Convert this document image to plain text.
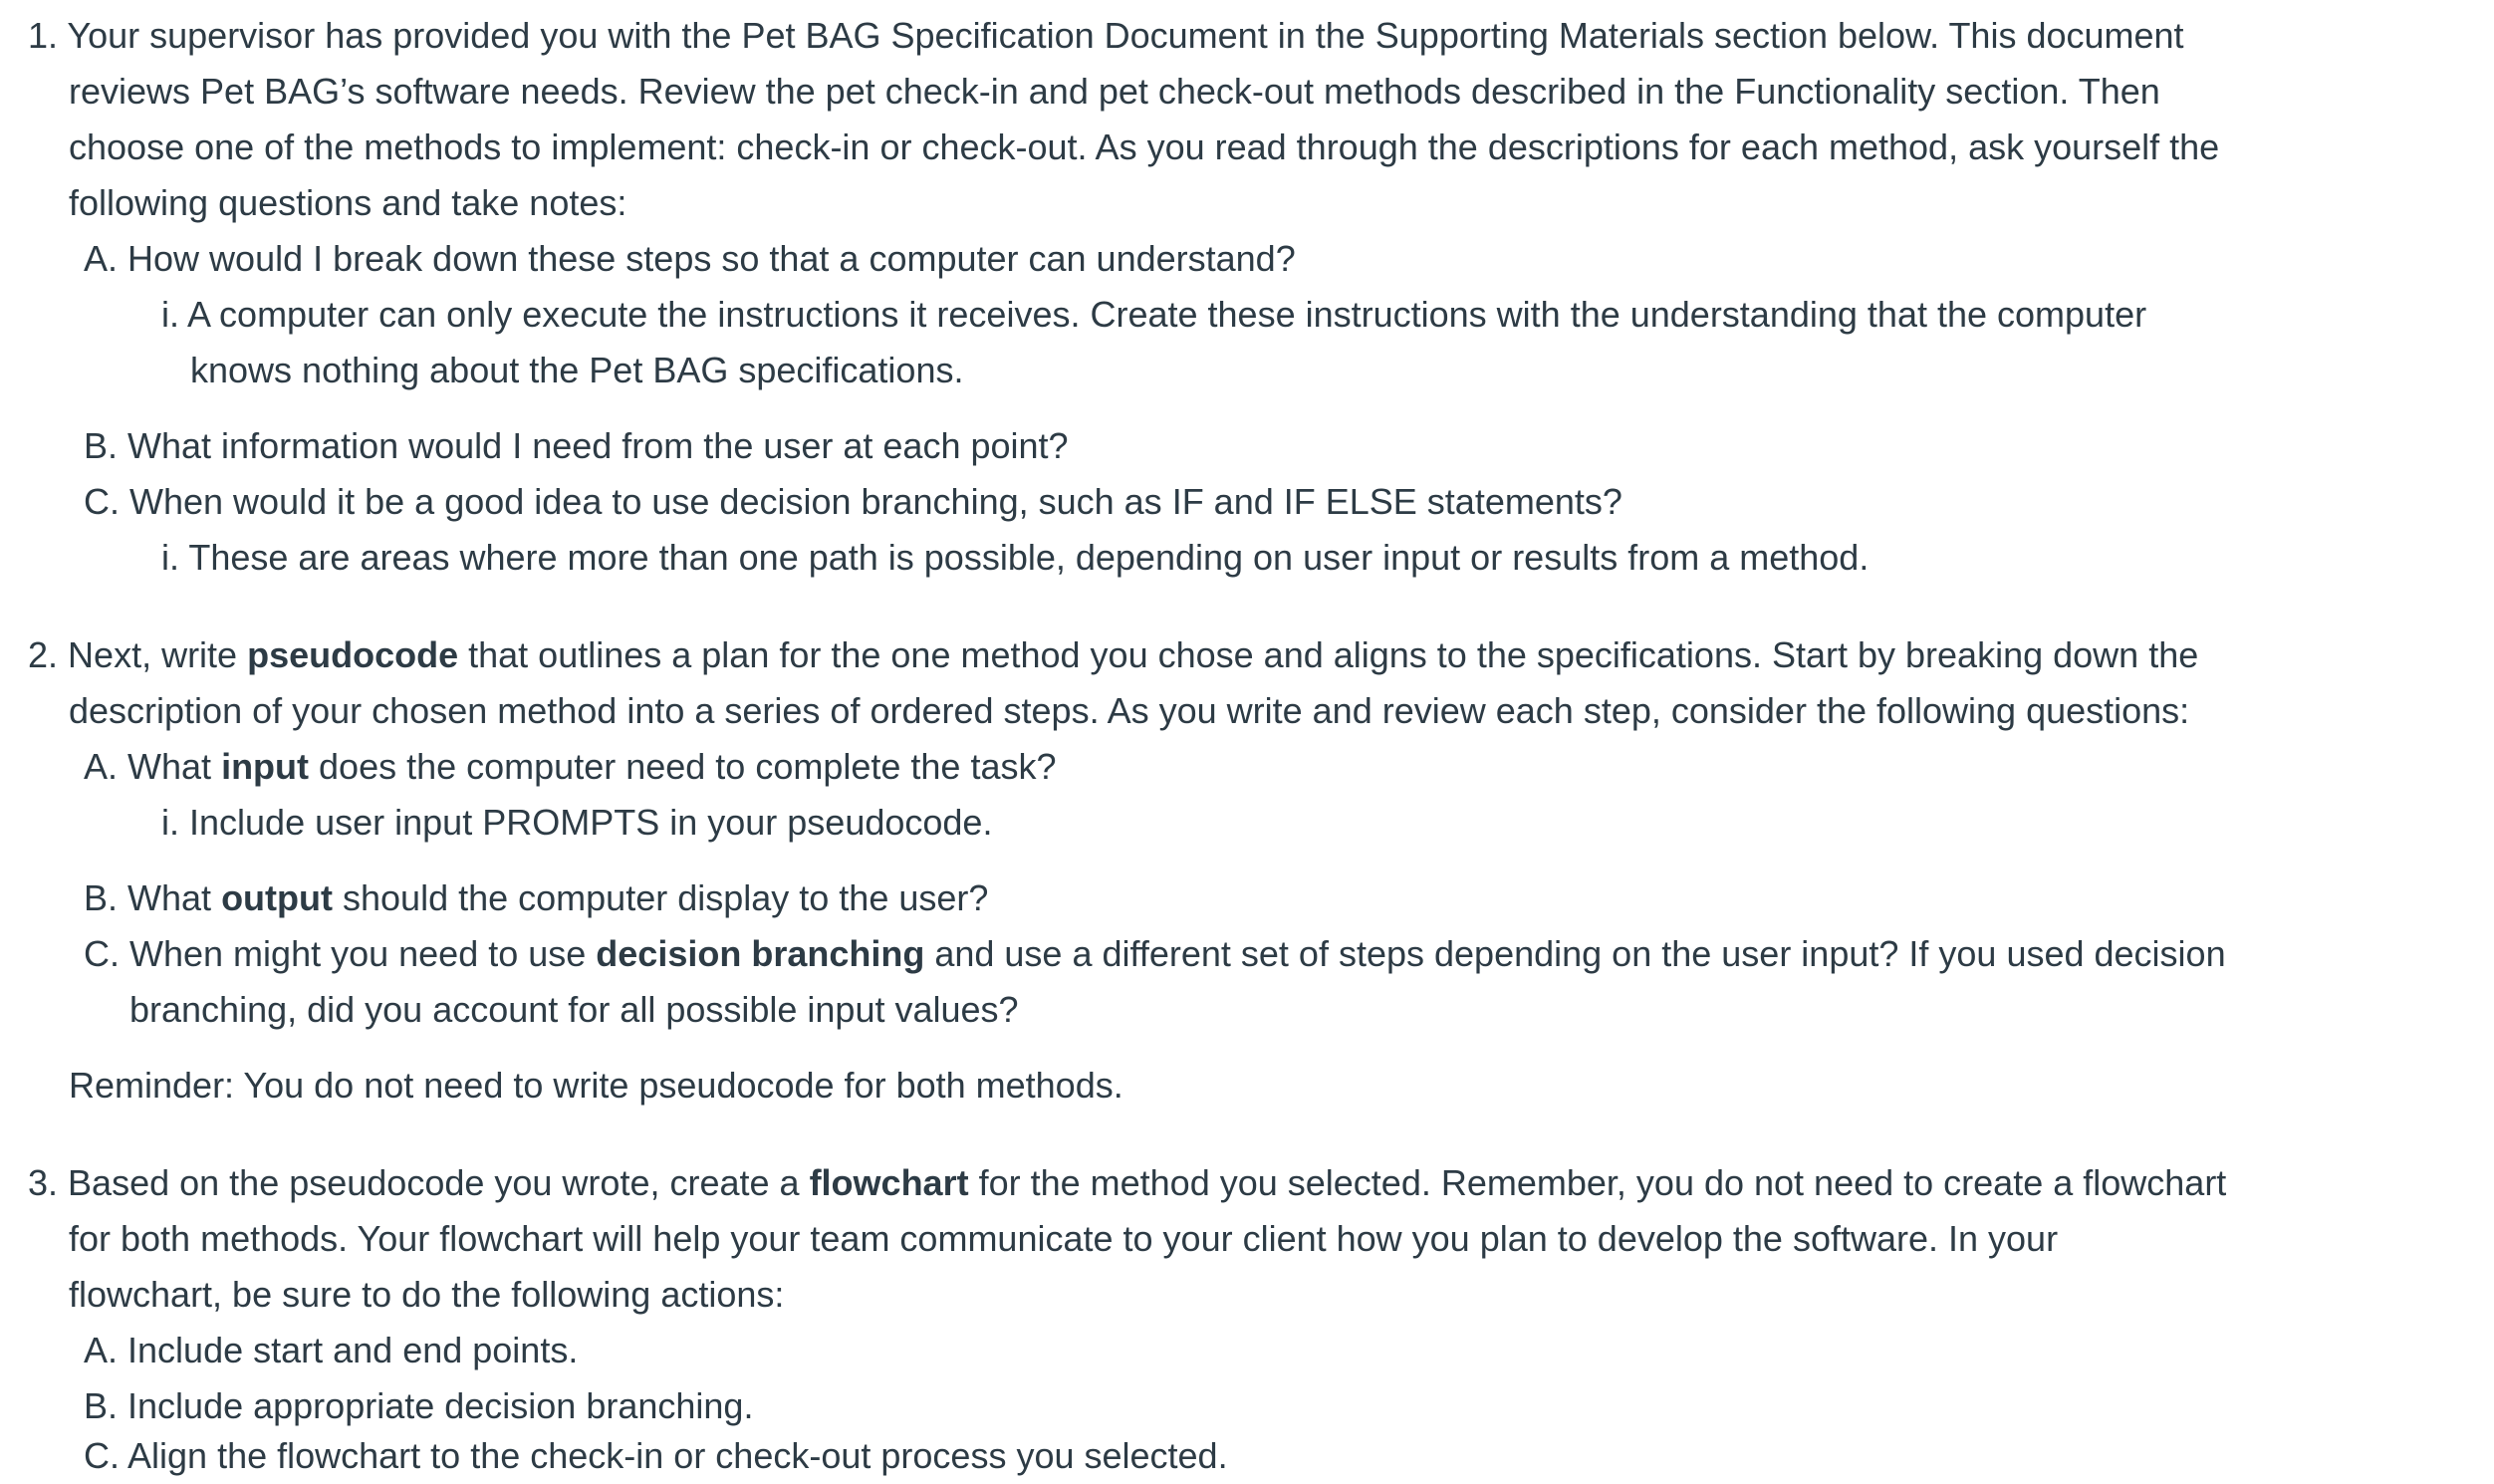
1. Your supervisor has provided you with the Pet BAG Specification Document in the Supporting Materials section below. This document
reviews Pet BAG’s software needs. Review the pet check-in and pet check-out methods described in the Functionality section. Then
choose one of the methods to implement: check-in or check-out. As you read through the descriptions for each method, ask yourself the
following questions and take notes:
A. How would I break down these steps so that a computer can understand?
i. A computer can only execute the instructions it receives. Create these instructions with the understanding that the computer
knows nothing about the Pet BAG specifications.
B. What information would I need from the user at each point?
C. When would it be a good idea to use decision branching, such as IF and IF ELSE statements?
i. These are areas where more than one path is possible, depending on user input or results from a method.
2. Next, write pseudocode that outlines a plan for the one method you chose and aligns to the specifications. Start by breaking down the
description of your chosen method into a series of ordered steps. As you write and review each step, consider the following questions:
A. What input does the computer need to complete the task?
i. Include user input PROMPTS in your pseudocode.
B. What output should the computer display to the user?
C. When might you need to use decision branching and use a different set of steps depending on the user input? If you used decision
branching, did you account for all possible input values?
Reminder: You do not need to write pseudocode for both methods.
3. Based on the pseudocode you wrote, create a flowchart for the method you selected. Remember, you do not need to create a flowchart
for both methods. Your flowchart will help your team communicate to your client how you plan to develop the software. In your
flowchart, be sure to do the following actions:
A. Include start and end points.
B. Include appropriate decision branching.
C. Align the flowchart to the check-in or check-out process you selected.
